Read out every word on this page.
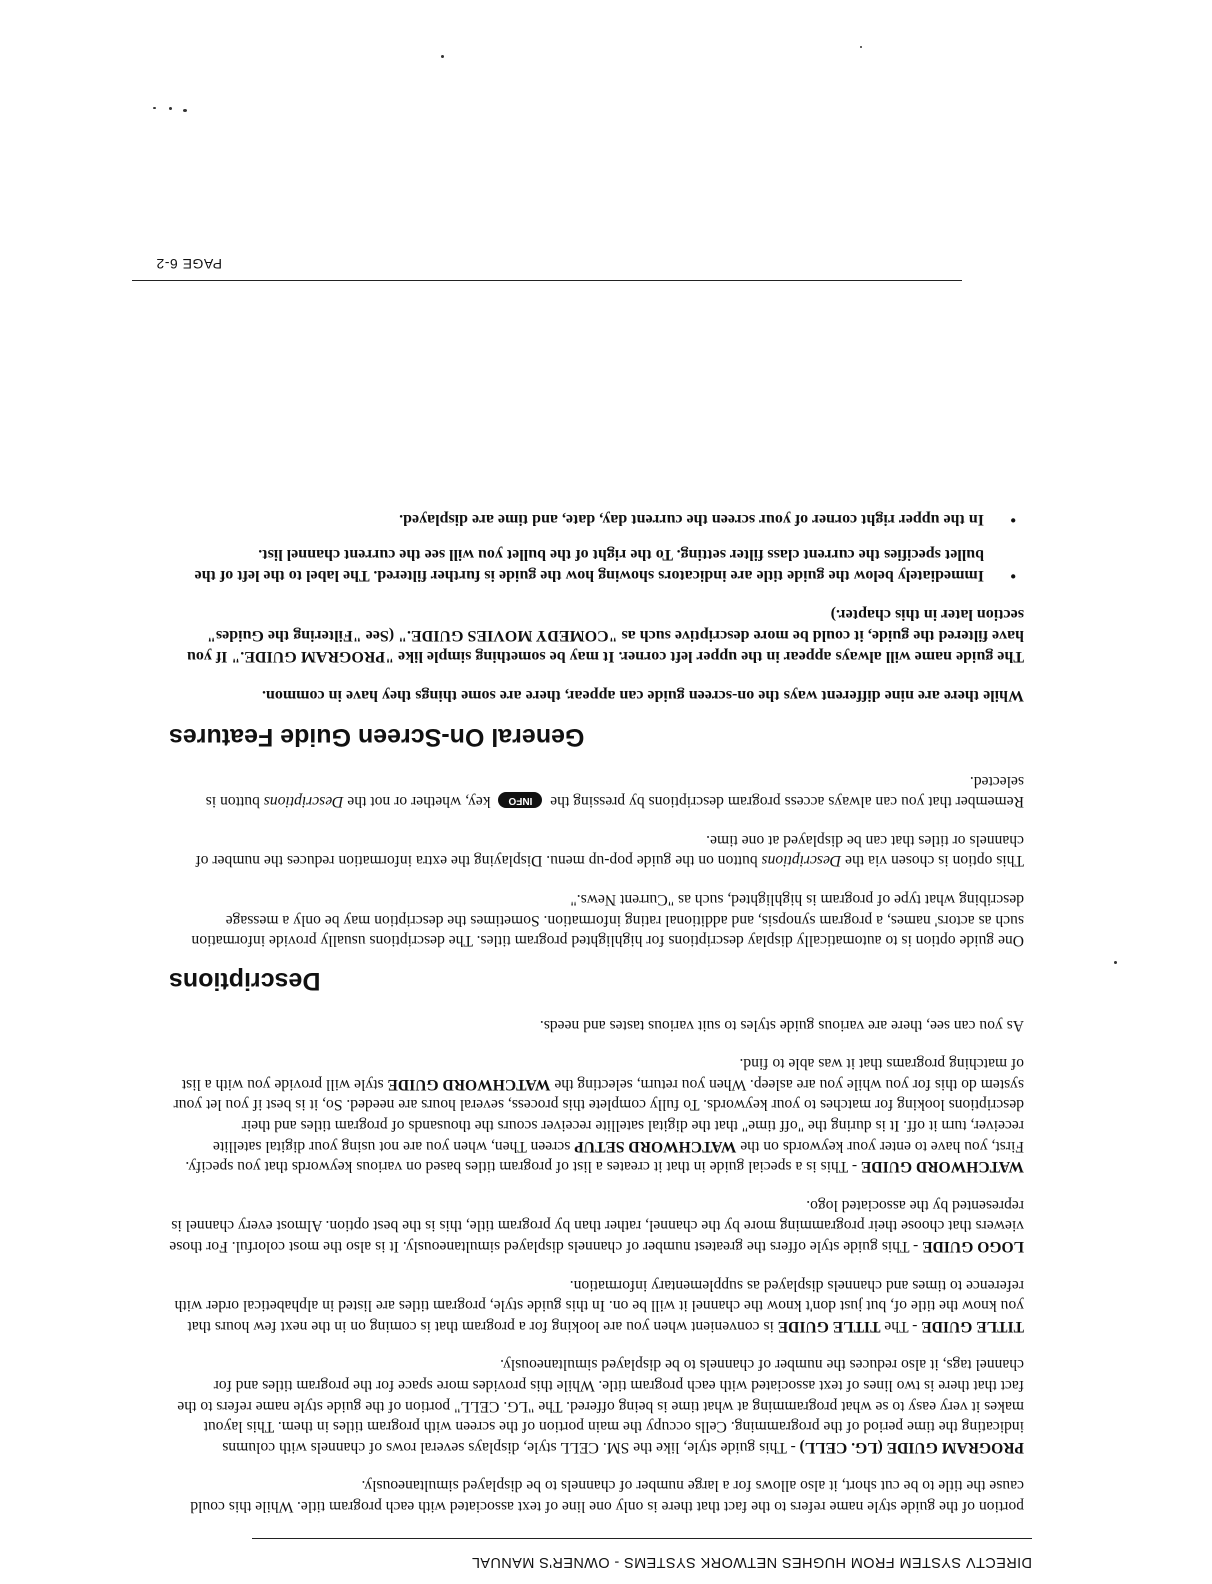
DIRECTV SYSTEM FROM HUGHES NETWORK SYSTEMS - OWNER'S MANUAL

portion of the guide style name refers to the fact that there is only one line of text associated with each program title. While this could cause the title to be cut short, it also allows for a large number of channels to be displayed simultaneously.

PROGRAM GUIDE (LG. CELL) - This guide style, like the SM. CELL style, displays several rows of channels with columns indicating the time period of the programming. Cells occupy the main portion of the screen with program titles in them. This layout makes it very easy to se what programming at what time is being offered. The "LG. CELL" portion of the guide style name refers to the fact that there is two lines of text associated with each program title. While this provides more space for the program titles and for channel tags, it also reduces the number of channels to be displayed simultaneously.

TITLE GUIDE - The TITLE GUIDE is convenient when you are looking for a program that is coming on in the next few hours that you know the title of, but just don't know the channel it will be on. In this guide style, program titles are listed in alphabetical order with reference to times and channels displayed as supplementary information.

LOGO GUIDE - This guide style offers the greatest number of channels displayed simultaneously. It is also the most colorful. For those viewers that choose their programming more by the channel, rather than by program title, this is the best option. Almost every channel is represented by the associated logo.

WATCHWORD GUIDE - This is a special guide in that it creates a list of program titles based on various keywords that you specify. First, you have to enter your keywords on the WATCHWORD SETUP screen Then, when you are not using your digital satellite receiver, turn it off. It is during the "off time" that the digital satellite receiver scours the thousands of program titles and their descriptions looking for matches to your keywords. To fully complete this process, several hours are needed. So, it is best if you let your system do this for you while you are asleep. When you return, selecting the WATCHWORD GUIDE style will provide you with a list of matching programs that it was able to find.

As you can see, there are various guide styles to suit various tastes and needs.

Descriptions

One guide option is to automatically display descriptions for highlighted program titles. The descriptions usually provide information such as actors' names, a program synopsis, and additional rating information. Sometimes the description may be only a message describing what type of program is highlighted, such as "Current News."

This option is chosen via the Descriptions button on the guide pop-up menu. Displaying the extra information reduces the number of channels or titles that can be displayed at one time.

Remember that you can always access program descriptions by pressing the INFO key, whether or not the Descriptions button is selected.

General On-Screen Guide Features

While there are nine different ways the on-screen guide can appear, there are some things they have in common.

The guide name will always appear in the upper left corner. It may be something simple like "PROGRAM GUIDE." If you have filtered the guide, it could be more descriptive such as "COMEDY MOVIES GUIDE." (See "Filtering the Guides" section later in this chapter.)

•
Immediately below the guide title are indicators showing how the guide is further filtered. The label to the left of the bullet specifies the current class filter setting. To the right of the bullet you will see the current channel list.
•
In the upper right corner of your screen the current day, date, and time are displayed.
PAGE 6-2
